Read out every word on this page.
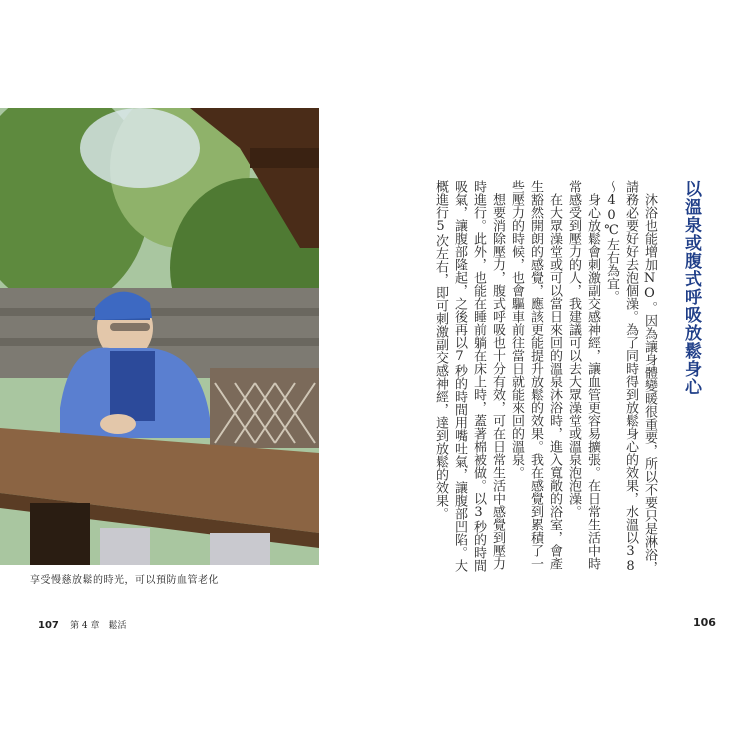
享受慢慈放鬆的時光，可以預防血管老化
107 第 4 章　鬆活	106
以溫泉或腹式呼吸放鬆身心

沐浴也能增加NO。因為讓身體變暖很重要，所以不要只是淋浴，請務必要好好去泡個澡。為了同時得到放鬆身心的效果，水溫以38～40℃左右為宜。

身心放鬆會刺激副交感神經，讓血管更容易擴張。在日常生活中時常感受到壓力的人，我建議可以去大眾澡堂或溫泉泡泡澡。

在大眾澡堂或可以當日來回的溫泉沐浴時，進入寬敞的浴室，會產生豁然開朗的感覺，應該更能提升放鬆的效果。我在感覺到累積了一些壓力的時候，也會驅車前往當日就能來回的溫泉。

想要消除壓力，腹式呼吸也十分有效，可在日常生活中感覺到壓力時進行。此外，也能在睡前躺在床上時，蓋著棉被做。以3秒的時間吸氣，讓腹部隆起，之後再以7秒的時間用嘴吐氣，讓腹部凹陷。大概進行5次左右，即可刺激副交感神經，達到放鬆的效果。
